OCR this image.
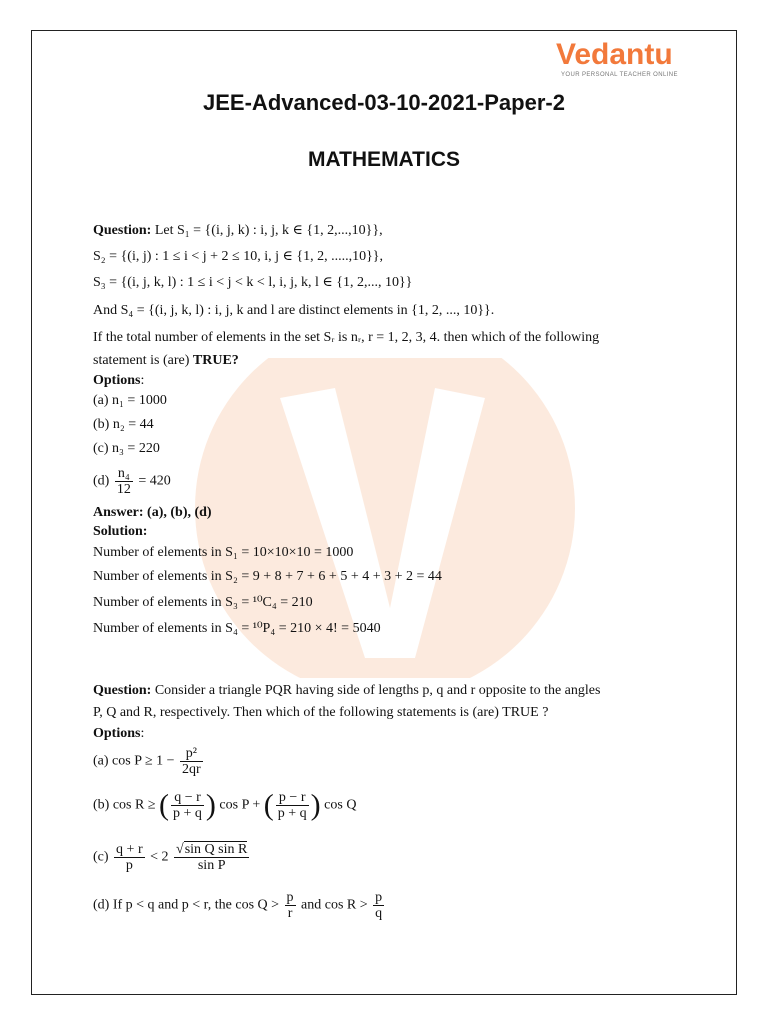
Vedantu
YOUR PERSONAL TEACHER ONLINE
JEE-Advanced-03-10-2021-Paper-2
MATHEMATICS
Question: Let S₁ = {(i, j, k) : i, j, k ∈ {1, 2,...,10}},
S₂ = {(i, j) : 1 ≤ i < j + 2 ≤ 10, i, j ∈ {1, 2, .....,10}},
S₃ = {(i, j, k, l) : 1 ≤ i < j < k < l, i, j, k, l ∈ {1, 2,..., 10}}
And S₄ = {(i, j, k, l) : i, j, k and l are distinct elements in {1, 2, ..., 10}}.
If the total number of elements in the set Sᵣ is nᵣ, r = 1, 2, 3, 4. then which of the following
statement is (are) TRUE?
Options:
(a) n₁ = 1000
(b) n₂ = 44
(c) n₃ = 220
$(d) \frac{\text{n₄}}{12} = 420$
Answer: (a), (b), (d)
Solution:
Number of elements in S₁ = 10×10×10 = 1000
Number of elements in S₂ = 9 + 8 + 7 + 6 + 5 + 4 + 3 + 2 = 44
Number of elements in S₃ = ¹⁰C₄ = 210
Number of elements in S₄ = ¹⁰P₄ = 210 × 4! = 5040
Question: Consider a triangle PQR having side of lengths p, q and r opposite to the angles
P, Q and R, respectively. Then which of the following statements is (are) TRUE ?
Options:
(a) $\cos P \ge 1 - \frac{\text{p²}}{2qr}$
(b) cos R ≥ ( $\frac{q - r}{p + q}$ ) cos P + ( $\frac{p - r}{p + q}$ ) cos Q
$(c) \frac{q + r}{p} < 2 \frac{\text{√sin Q sin R}}{\text{sin P}}$
(d) If p < q and p < r, the $\cos Q > \frac{p}{r}$ and $\cos R > \frac{p}{q}$
